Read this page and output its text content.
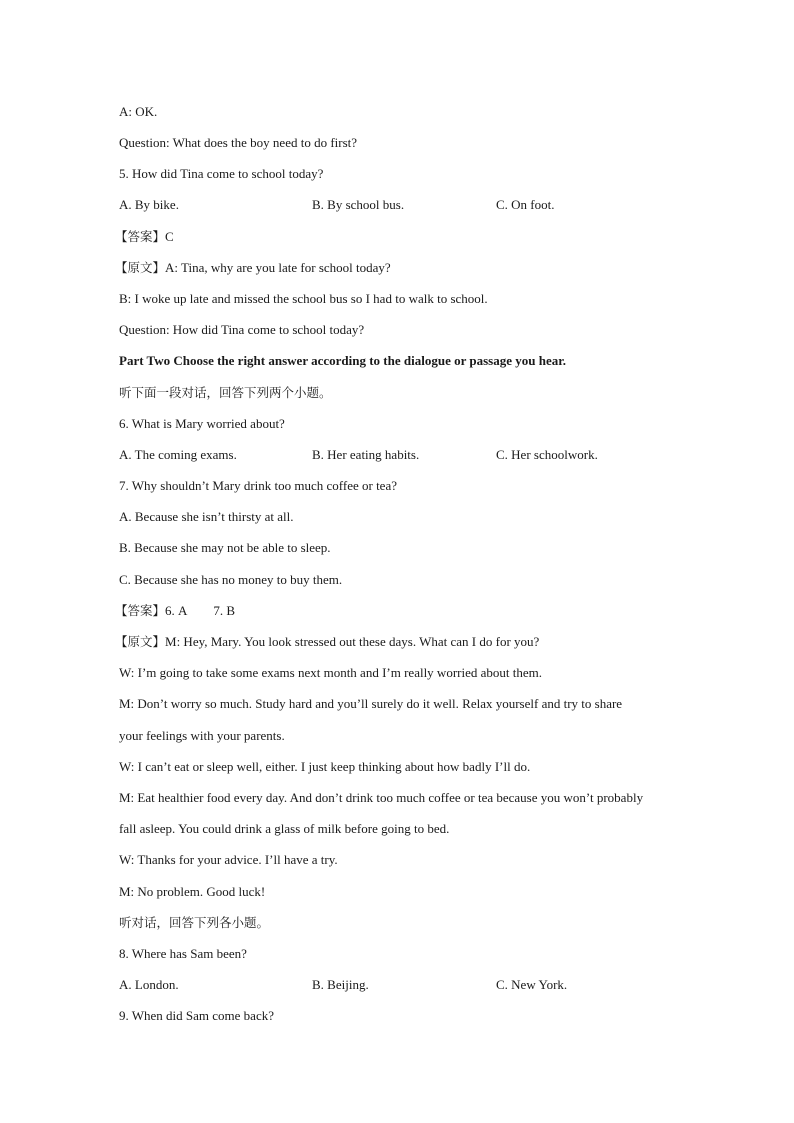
A: OK.
Question: What does the boy need to do first?
5. How did Tina come to school today?
A. By bike.	B. By school bus.	C. On foot.
【答案】C
【原文】A: Tina, why are you late for school today?
B: I woke up late and missed the school bus so I had to walk to school.
Question: How did Tina come to school today?
Part Two Choose the right answer according to the dialogue or passage you hear.
听下面一段对话，回答下列两个小题。
6. What is Mary worried about?
A. The coming exams.	B. Her eating habits.	C. Her schoolwork.
7. Why shouldn’t Mary drink too much coffee or tea?
A. Because she isn’t thirsty at all.
B. Because she may not be able to sleep.
C. Because she has no money to buy them.
【答案】6. A 7. B
【原文】M: Hey, Mary. You look stressed out these days. What can I do for you?
W: I’m going to take some exams next month and I’m really worried about them.
M: Don’t worry so much. Study hard and you’ll surely do it well. Relax yourself and try to share
your feelings with your parents.
W: I can’t eat or sleep well, either. I just keep thinking about how badly I’ll do.
M: Eat healthier food every day. And don’t drink too much coffee or tea because you won’t probably
fall asleep. You could drink a glass of milk before going to bed.
W: Thanks for your advice. I’ll have a try.
M: No problem. Good luck!
听对话，回答下列各小题。
8. Where has Sam been?
A. London.	B. Beijing.	C. New York.
9. When did Sam come back?
